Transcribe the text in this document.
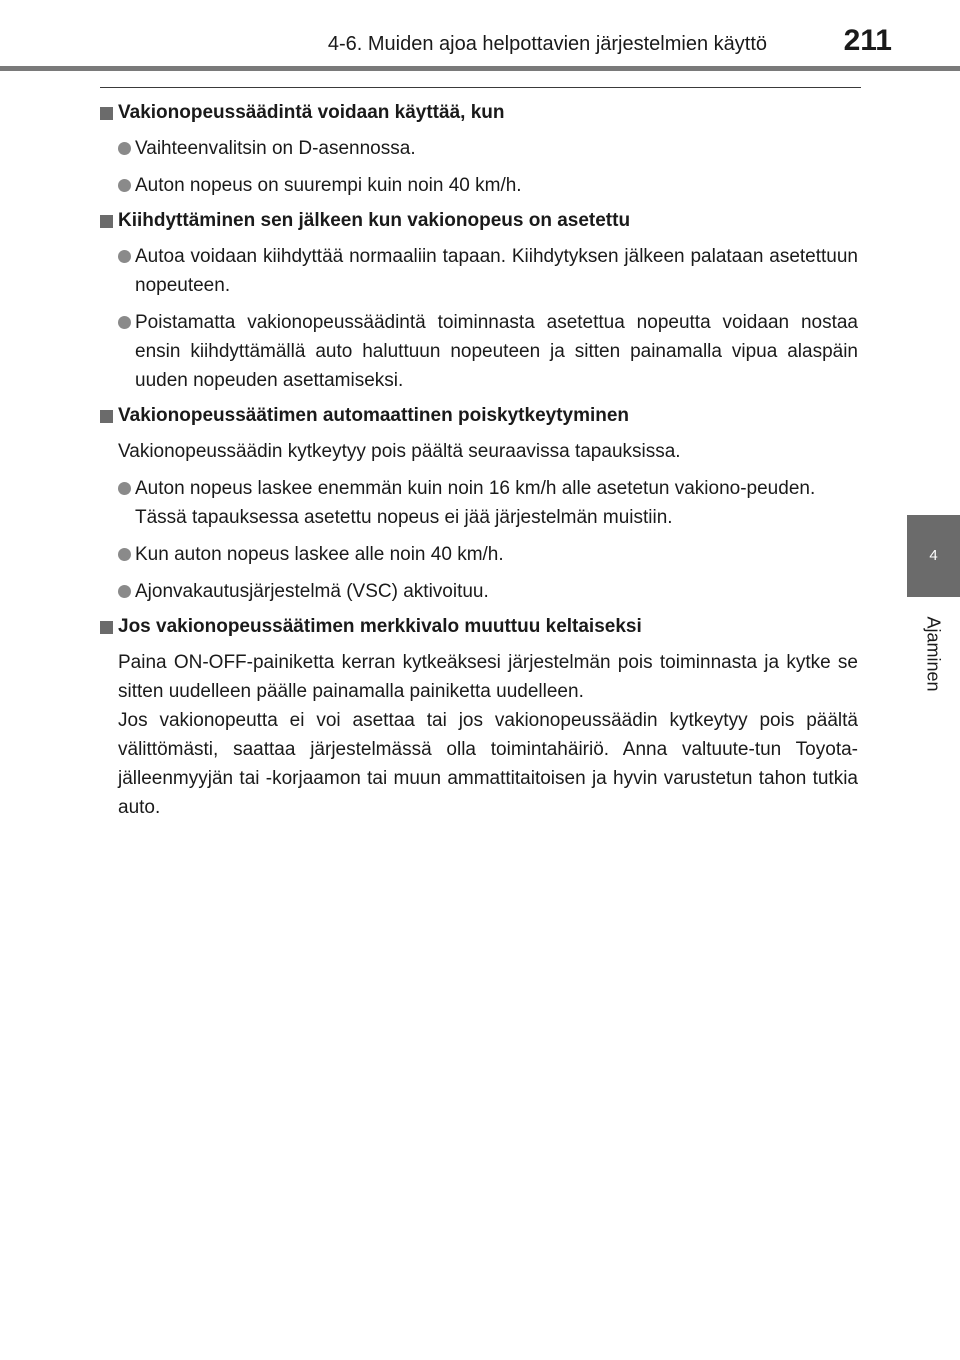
4-6. Muiden ajoa helpottavien järjestelmien käyttö	211
4
Ajaminen
Vakionopeussäädintä voidaan käyttää, kun
Vaihteenvalitsin on D-asennossa.
Auton nopeus on suurempi kuin noin 40 km/h.
Kiihdyttäminen sen jälkeen kun vakionopeus on asetettu
Autoa voidaan kiihdyttää normaaliin tapaan. Kiihdytyksen jälkeen palataan asetettuun nopeuteen.
Poistamatta vakionopeussäädintä toiminnasta asetettua nopeutta voidaan nostaa ensin kiihdyttämällä auto haluttuun nopeuteen ja sitten painamalla vipua alaspäin uuden nopeuden asettamiseksi.
Vakionopeussäätimen automaattinen poiskytkeytyminen
Vakionopeussäädin kytkeytyy pois päältä seuraavissa tapauksissa.
Auton nopeus laskee enemmän kuin noin 16 km/h alle asetetun vakiono-peuden.
Tässä tapauksessa asetettu nopeus ei jää järjestelmän muistiin.
Kun auton nopeus laskee alle noin 40 km/h.
Ajonvakautusjärjestelmä (VSC) aktivoituu.
Jos vakionopeussäätimen merkkivalo muuttuu keltaiseksi
Paina ON-OFF-painiketta kerran kytkeäksesi järjestelmän pois toiminnasta ja kytke se sitten uudelleen päälle painamalla painiketta uudelleen.
Jos vakionopeutta ei voi asettaa tai jos vakionopeussäädin kytkeytyy pois päältä välittömästi, saattaa järjestelmässä olla toimintahäiriö. Anna valtuute-tun Toyota-jälleenmyyjän tai -korjaamon tai muun ammattitaitoisen ja hyvin varustetun tahon tutkia auto.
